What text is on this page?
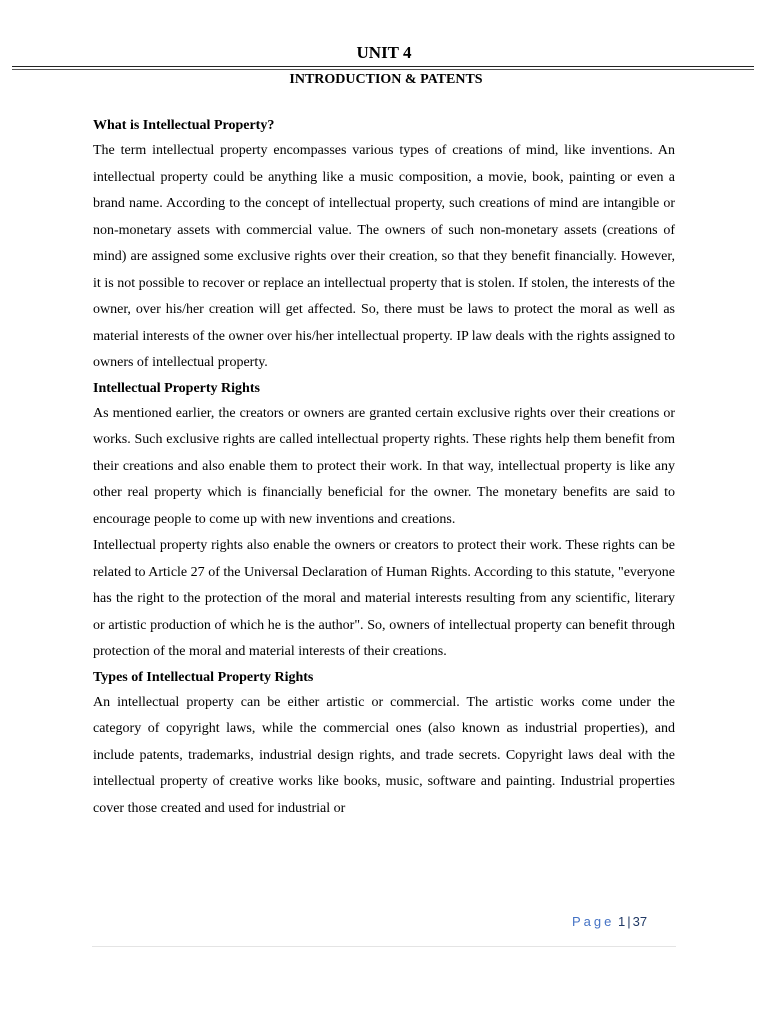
UNIT 4
INTRODUCTION & PATENTS
What is Intellectual Property?

The term intellectual property encompasses various types of creations of mind, like inventions. An intellectual property could be anything like a music composition, a movie, book, painting or even a brand name. According to the concept of intellectual property, such creations of mind are intangible or non-monetary assets with commercial value. The owners of such non-monetary assets (creations of mind) are assigned some exclusive rights over their creation, so that they benefit financially. However, it is not possible to recover or replace an intellectual property that is stolen. If stolen, the interests of the owner, over his/her creation will get affected. So, there must be laws to protect the moral as well as material interests of the owner over his/her intellectual property. IP law deals with the rights assigned to owners of intellectual property.

Intellectual Property Rights

As mentioned earlier, the creators or owners are granted certain exclusive rights over their creations or works. Such exclusive rights are called intellectual property rights. These rights help them benefit from their creations and also enable them to protect their work. In that way, intellectual property is like any other real property which is financially beneficial for the owner. The monetary benefits are said to encourage people to come up with new inventions and creations.

Intellectual property rights also enable the owners or creators to protect their work. These rights can be related to Article 27 of the Universal Declaration of Human Rights. According to this statute, "everyone has the right to the protection of the moral and material interests resulting from any scientific, literary or artistic production of which he is the author". So, owners of intellectual property can benefit through protection of the moral and material interests of their creations.

Types of Intellectual Property Rights

An intellectual property can be either artistic or commercial. The artistic works come under the category of copyright laws, while the commercial ones (also known as industrial properties), and include patents, trademarks, industrial design rights, and trade secrets. Copyright laws deal with the intellectual property of creative works like books, music, software and painting. Industrial properties cover those created and used for industrial or

Page 1 | 37
